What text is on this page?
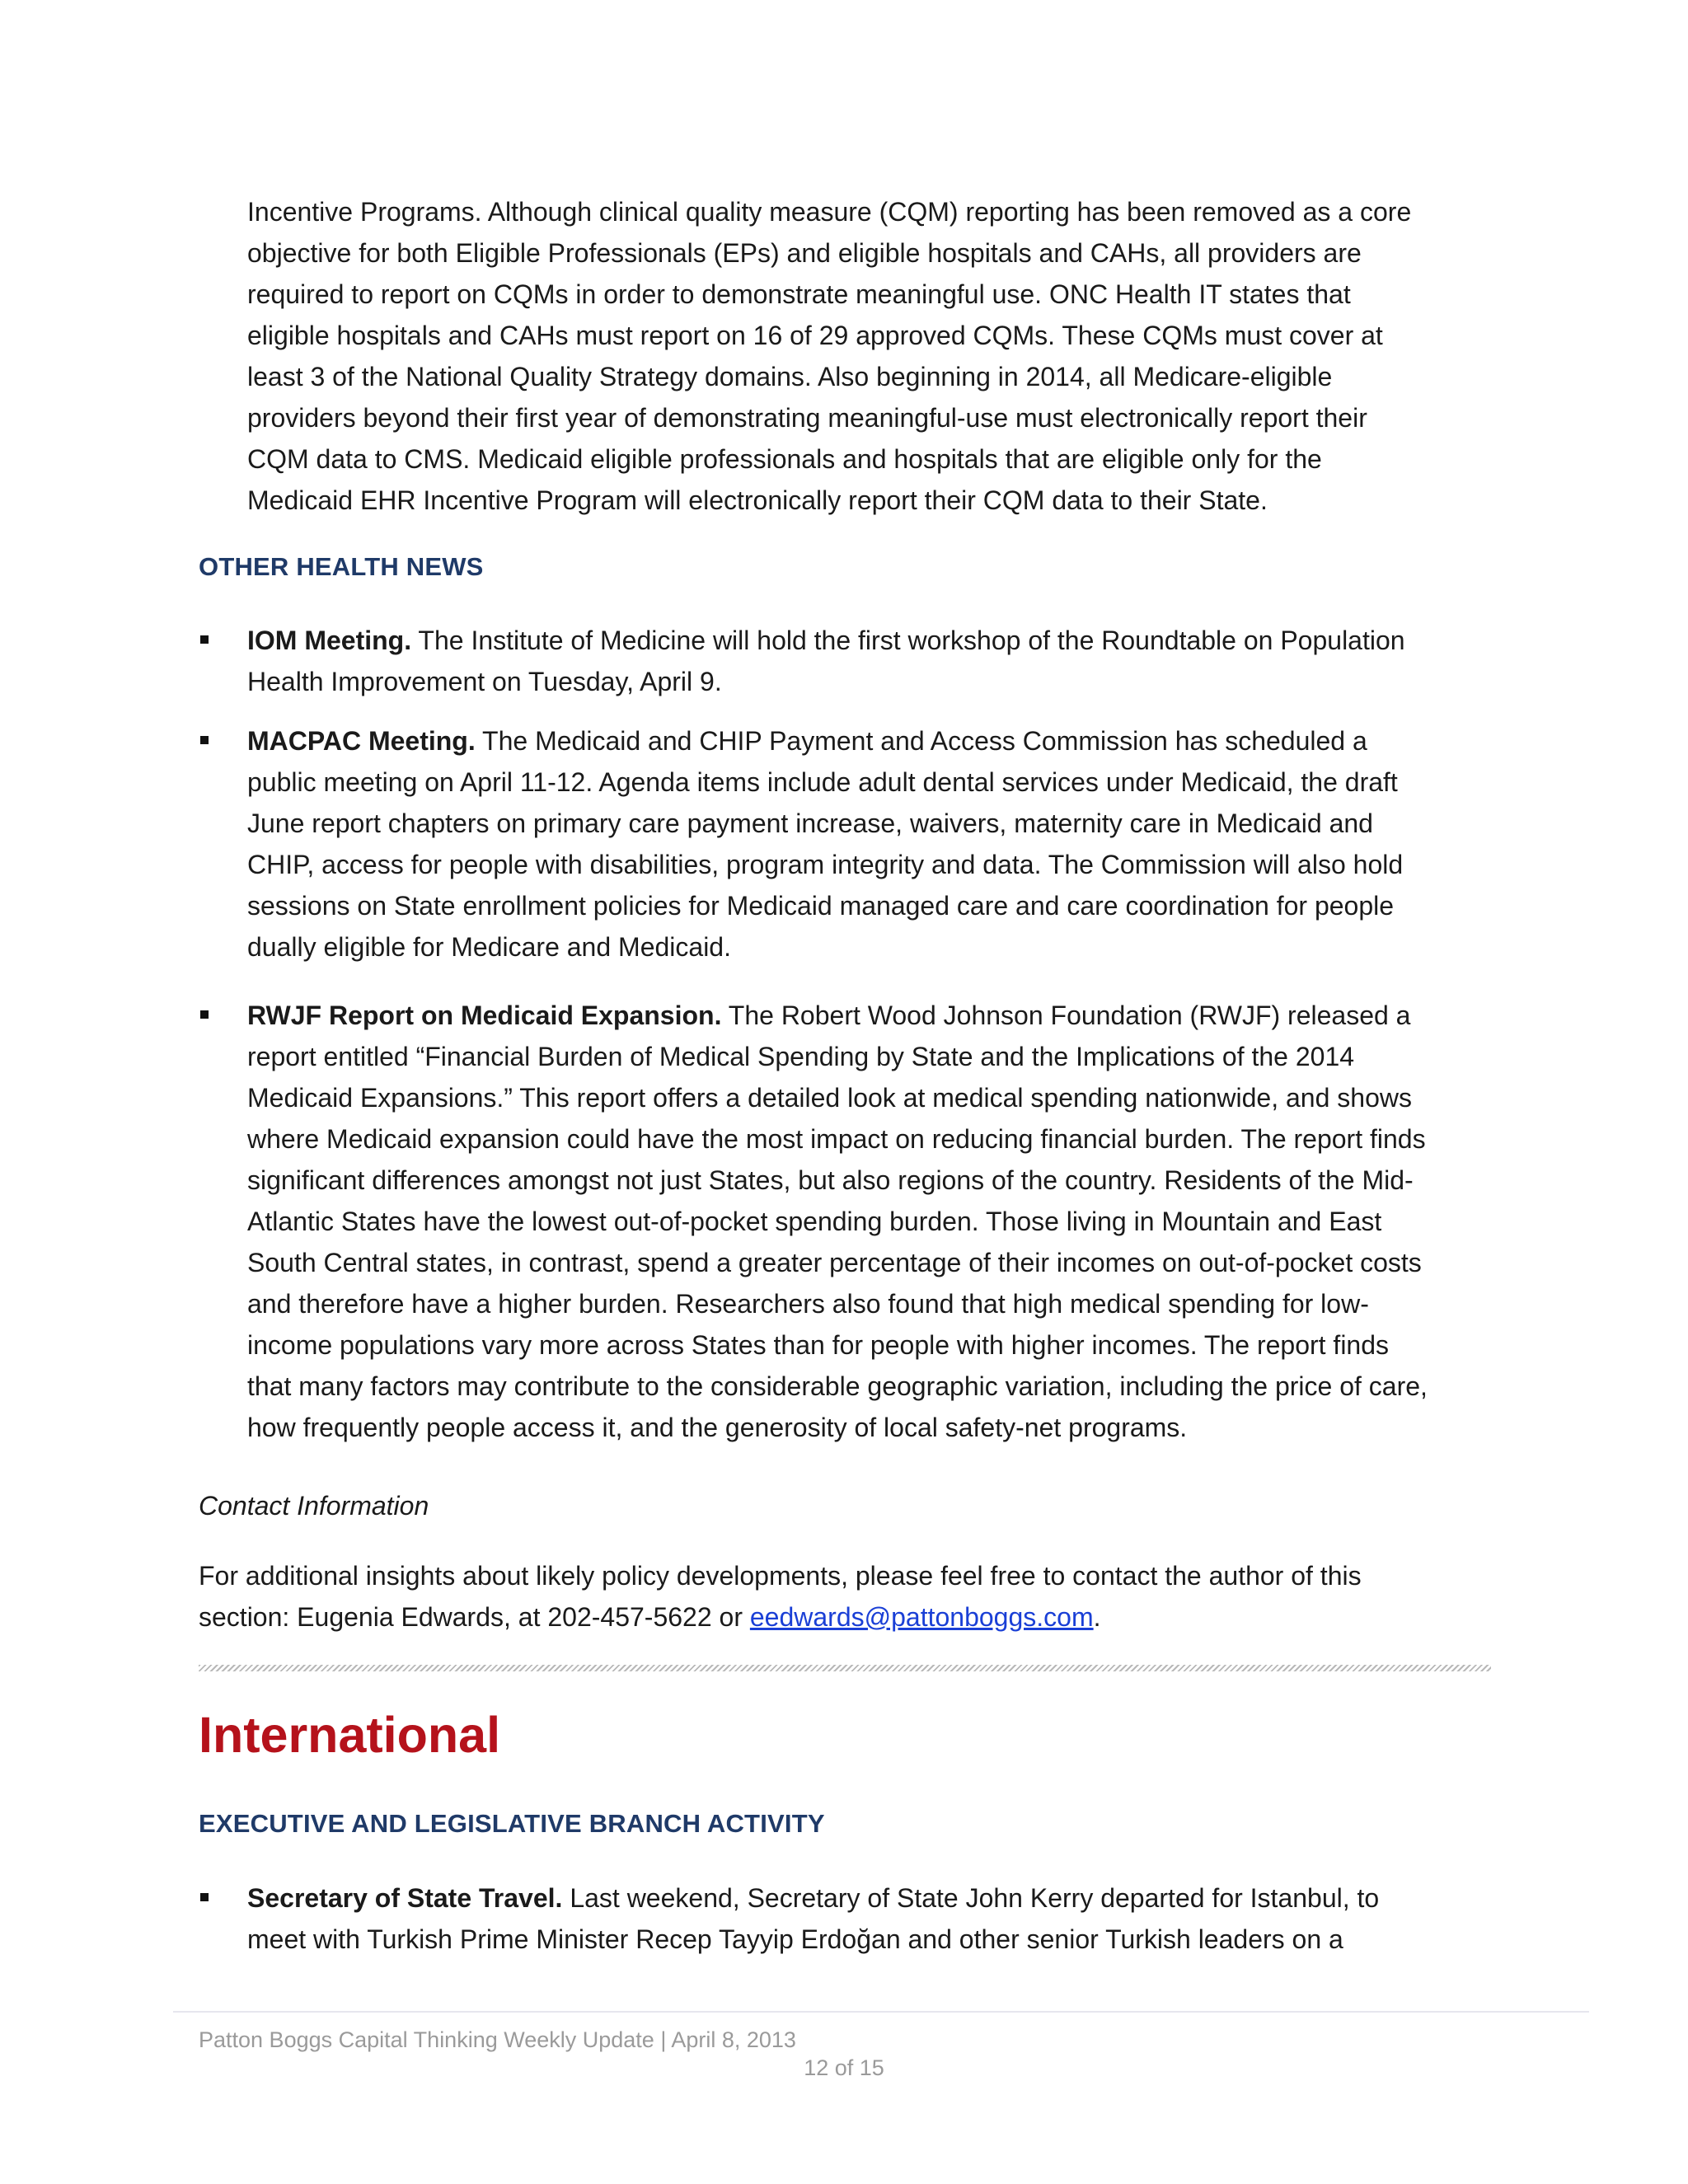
Incentive Programs. Although clinical quality measure (CQM) reporting has been removed as a core
objective for both Eligible Professionals (EPs) and eligible hospitals and CAHs, all providers are
required to report on CQMs in order to demonstrate meaningful use. ONC Health IT states that
eligible hospitals and CAHs must report on 16 of 29 approved CQMs. These CQMs must cover at
least 3 of the National Quality Strategy domains. Also beginning in 2014, all Medicare-eligible
providers beyond their first year of demonstrating meaningful-use must electronically report their
CQM data to CMS. Medicaid eligible professionals and hospitals that are eligible only for the
Medicaid EHR Incentive Program will electronically report their CQM data to their State.
OTHER HEALTH NEWS
IOM Meeting. The Institute of Medicine will hold the first workshop of the Roundtable on Population
Health Improvement on Tuesday, April 9.
MACPAC Meeting. The Medicaid and CHIP Payment and Access Commission has scheduled a
public meeting on April 11-12. Agenda items include adult dental services under Medicaid, the draft
June report chapters on primary care payment increase, waivers, maternity care in Medicaid and
CHIP, access for people with disabilities, program integrity and data. The Commission will also hold
sessions on State enrollment policies for Medicaid managed care and care coordination for people
dually eligible for Medicare and Medicaid.
RWJF Report on Medicaid Expansion. The Robert Wood Johnson Foundation (RWJF) released a
report entitled “Financial Burden of Medical Spending by State and the Implications of the 2014
Medicaid Expansions.” This report offers a detailed look at medical spending nationwide, and shows
where Medicaid expansion could have the most impact on reducing financial burden. The report finds
significant differences amongst not just States, but also regions of the country. Residents of the Mid-
Atlantic States have the lowest out-of-pocket spending burden. Those living in Mountain and East
South Central states, in contrast, spend a greater percentage of their incomes on out-of-pocket costs
and therefore have a higher burden. Researchers also found that high medical spending for low-
income populations vary more across States than for people with higher incomes. The report finds
that many factors may contribute to the considerable geographic variation, including the price of care,
how frequently people access it, and the generosity of local safety-net programs.
Contact Information
For additional insights about likely policy developments, please feel free to contact the author of this
section: Eugenia Edwards, at 202-457-5622 or eedwards@pattonboggs.com.
International
EXECUTIVE AND LEGISLATIVE BRANCH ACTIVITY
Secretary of State Travel. Last weekend, Secretary of State John Kerry departed for Istanbul, to
meet with Turkish Prime Minister Recep Tayyip Erdoğan and other senior Turkish leaders on a
Patton Boggs Capital Thinking Weekly Update | April 8, 2013
12 of 15
